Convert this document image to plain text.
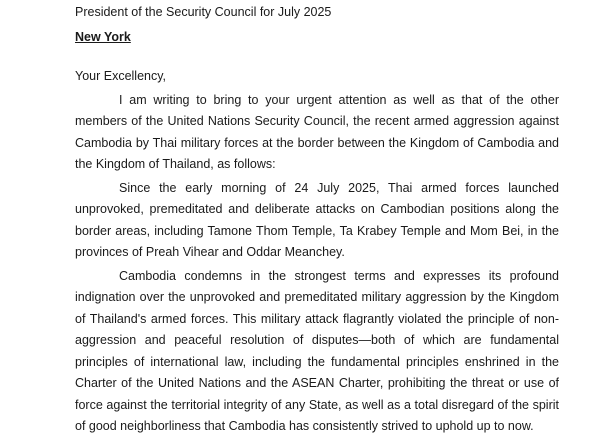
President of the Security Council for July 2025
New York

Your Excellency,

I am writing to bring to your urgent attention as well as that of the other members of the United Nations Security Council, the recent armed aggression against Cambodia by Thai military forces at the border between the Kingdom of Cambodia and the Kingdom of Thailand, as follows:

Since the early morning of 24 July 2025, Thai armed forces launched unprovoked, premeditated and deliberate attacks on Cambodian positions along the border areas, including Tamone Thom Temple, Ta Krabey Temple and Mom Bei, in the provinces of Preah Vihear and Oddar Meanchey.

Cambodia condemns in the strongest terms and expresses its profound indignation over the unprovoked and premeditated military aggression by the Kingdom of Thailand's armed forces. This military attack flagrantly violated the principle of non-aggression and peaceful resolution of disputes—both of which are fundamental principles of international law, including the fundamental principles enshrined in the Charter of the United Nations and the ASEAN Charter, prohibiting the threat or use of force against the territorial integrity of any State, as well as a total disregard of the spirit of good neighborliness that Cambodia has consistently strived to uphold up to now.
